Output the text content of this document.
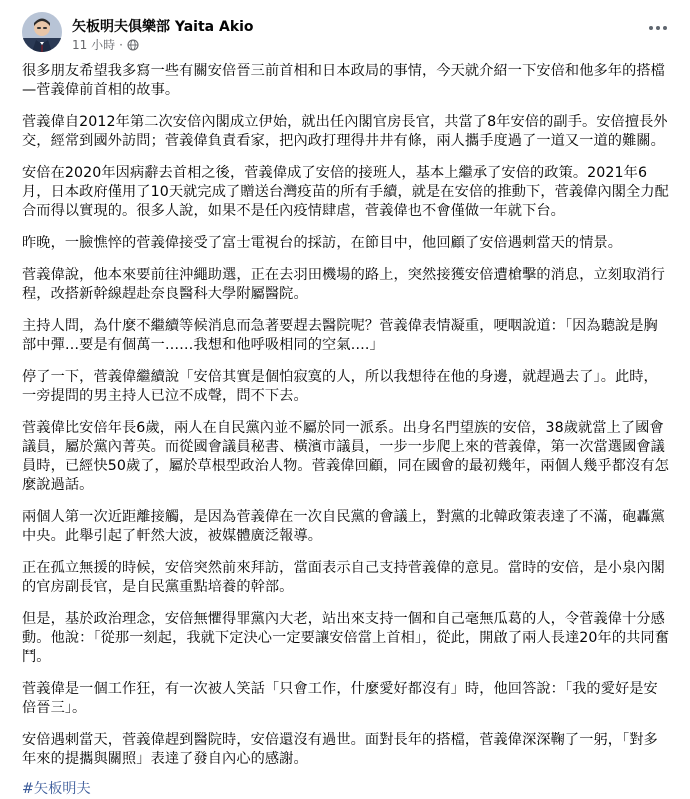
矢板明夫俱樂部 Yaita Akio
11 小時 ·

很多朋友希望我多寫一些有關安倍晉三前首相和日本政局的事情，今天就介紹一下安倍和他多年的搭檔—菅義偉前首相的故事。

菅義偉自2012年第二次安倍內閣成立伊始，就出任內閣官房長官，共當了8年安倍的副手。安倍擅長外交，經常到國外訪問；菅義偉負責看家，把內政打理得井井有條，兩人攜手度過了一道又一道的難關。

安倍在2020年因病辭去首相之後，菅義偉成了安倍的接班人，基本上繼承了安倍的政策。2021年6月，日本政府僅用了10天就完成了贈送台灣疫苗的所有手續，就是在安倍的推動下，菅義偉內閣全力配合而得以實現的。很多人說，如果不是任內疫情肆虐，菅義偉也不會僅做一年就下台。

昨晚，一臉憔悴的菅義偉接受了富士電視台的採訪，在節目中，他回顧了安倍遇刺當天的情景。

菅義偉說，他本來要前往沖繩助選，正在去羽田機場的路上，突然接獲安倍遭槍擊的消息，立刻取消行程，改搭新幹線趕赴奈良醫科大學附屬醫院。

主持人問，為什麼不繼續等候消息而急著要趕去醫院呢？菅義偉表情凝重，哽咽說道：「因為聽說是胸部中彈…要是有個萬一……我想和他呼吸相同的空氣….」

停了一下，菅義偉繼續說「安倍其實是個怕寂寞的人，所以我想待在他的身邊，就趕過去了」。此時，一旁提問的男主持人已泣不成聲，問不下去。

菅義偉比安倍年長6歲，兩人在自民黨內並不屬於同一派系。出身名門望族的安倍，38歲就當上了國會議員，屬於黨內菁英。而從國會議員秘書、橫濱市議員，一步一步爬上來的菅義偉，第一次當選國會議員時，已經快50歲了，屬於草根型政治人物。菅義偉回顧，同在國會的最初幾年，兩個人幾乎都沒有怎麼說過話。

兩個人第一次近距離接觸，是因為菅義偉在一次自民黨的會議上，對黨的北韓政策表達了不滿，砲轟黨中央。此舉引起了軒然大波，被媒體廣泛報導。

正在孤立無援的時候，安倍突然前來拜訪，當面表示自己支持菅義偉的意見。當時的安倍，是小泉內閣的官房副長官，是自民黨重點培養的幹部。

但是，基於政治理念，安倍無懼得罪黨內大老，站出來支持一個和自己毫無瓜葛的人，令菅義偉十分感動。他說：「從那一刻起，我就下定決心一定要讓安倍當上首相」，從此，開啟了兩人長達20年的共同奮鬥。

菅義偉是一個工作狂，有一次被人笑話「只會工作，什麼愛好都沒有」時，他回答說：「我的愛好是安倍晉三」。

安倍遇刺當天，菅義偉趕到醫院時，安倍還沒有過世。面對長年的搭檔，菅義偉深深鞠了一躬，「對多年來的提攜與關照」表達了發自內心的感謝。

#矢板明夫
